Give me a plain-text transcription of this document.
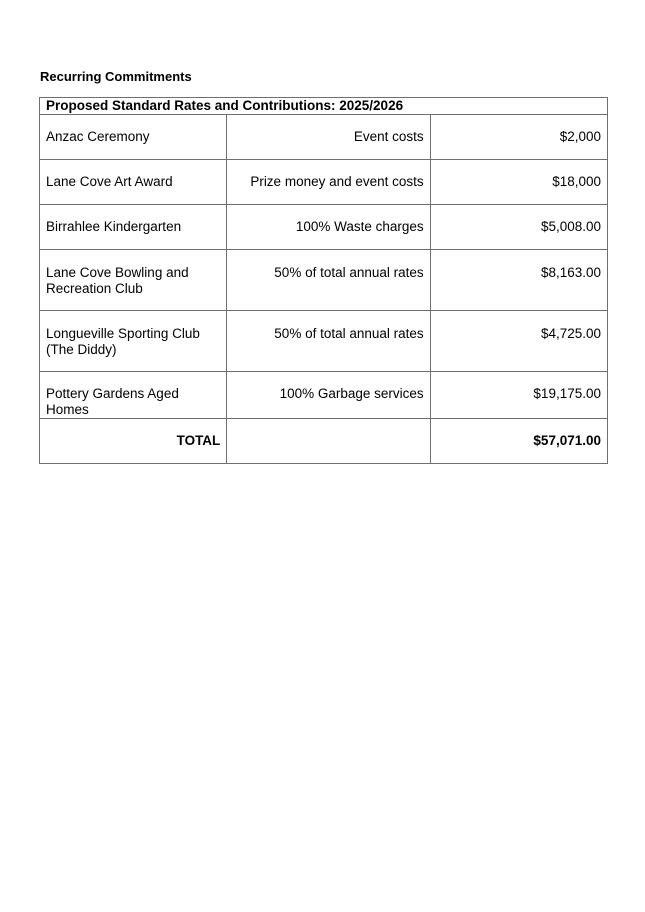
Recurring Commitments
Proposed Standard Rates and Contributions: 2025/2026		
Anzac Ceremony	Event costs	$2,000
Lane Cove Art Award	Prize money and event costs	$18,000
Birrahlee Kindergarten	100% Waste charges	$5,008.00
Lane Cove Bowling and Recreation Club	50% of total annual rates	$8,163.00
Longueville Sporting Club (The Diddy)	50% of total annual rates	$4,725.00
Pottery Gardens Aged Homes	100% Garbage services	$19,175.00
TOTAL		$57,071.00
